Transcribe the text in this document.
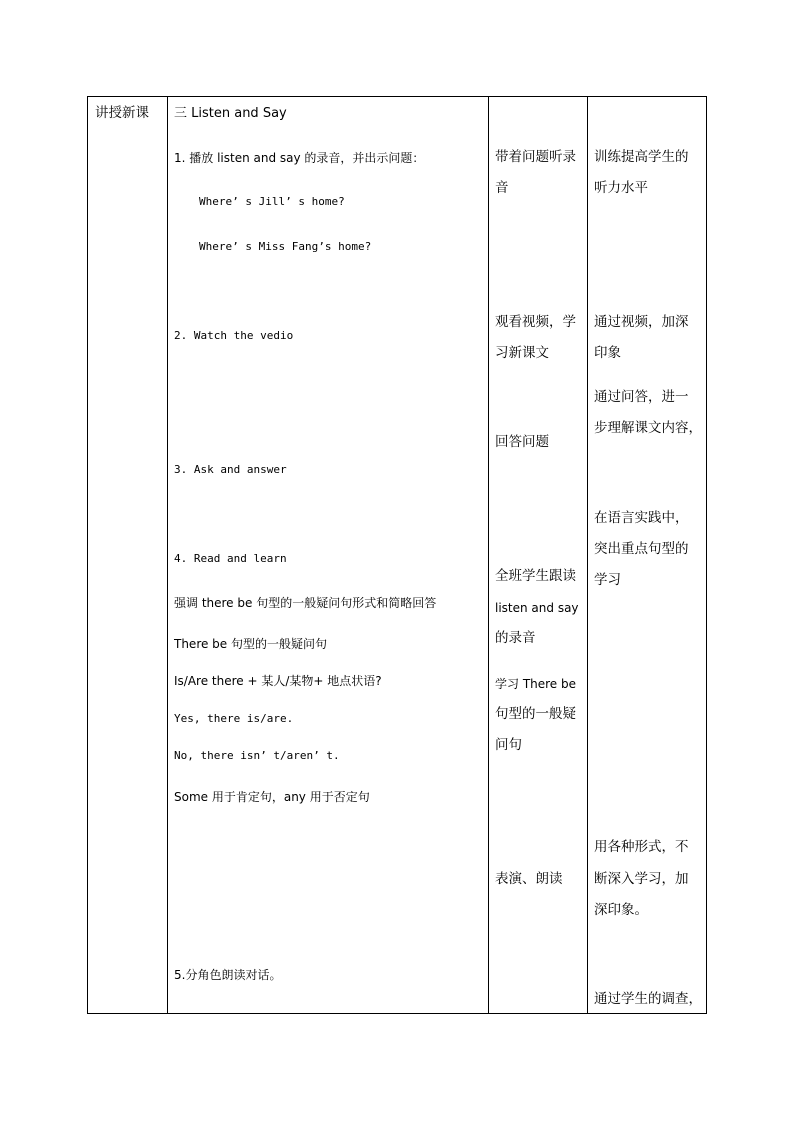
讲授新课 三 Listen and Say
1. 播放 listen and say 的录音，并出示问题：
Where’ s Jill’ s home?
Where’ s Miss Fang’s home?
2. Watch the vedio
3. Ask and answer
4. Read and learn
强调 there be 句型的一般疑问句形式和简略回答
There be 句型的一般疑问句
Is/Are there + 某人/某物+ 地点状语?
Yes, there is/are.
No, there isn’ t/aren’ t.
Some 用于肯定句，any 用于否定句
5.分角色朗读对话。
带着问题听录
音
观看视频，学
习新课文
回答问题
全班学生跟读
listen and say
的录音
学习 There be
句型的一般疑
问句
表演、朗读
训练提高学生的
听力水平
通过视频，加深
印象
通过问答，进一
步理解课文内容，
在语言实践中，
突出重点句型的
学习
用各种形式，不
断深入学习，加
深印象。
通过学生的调查，
